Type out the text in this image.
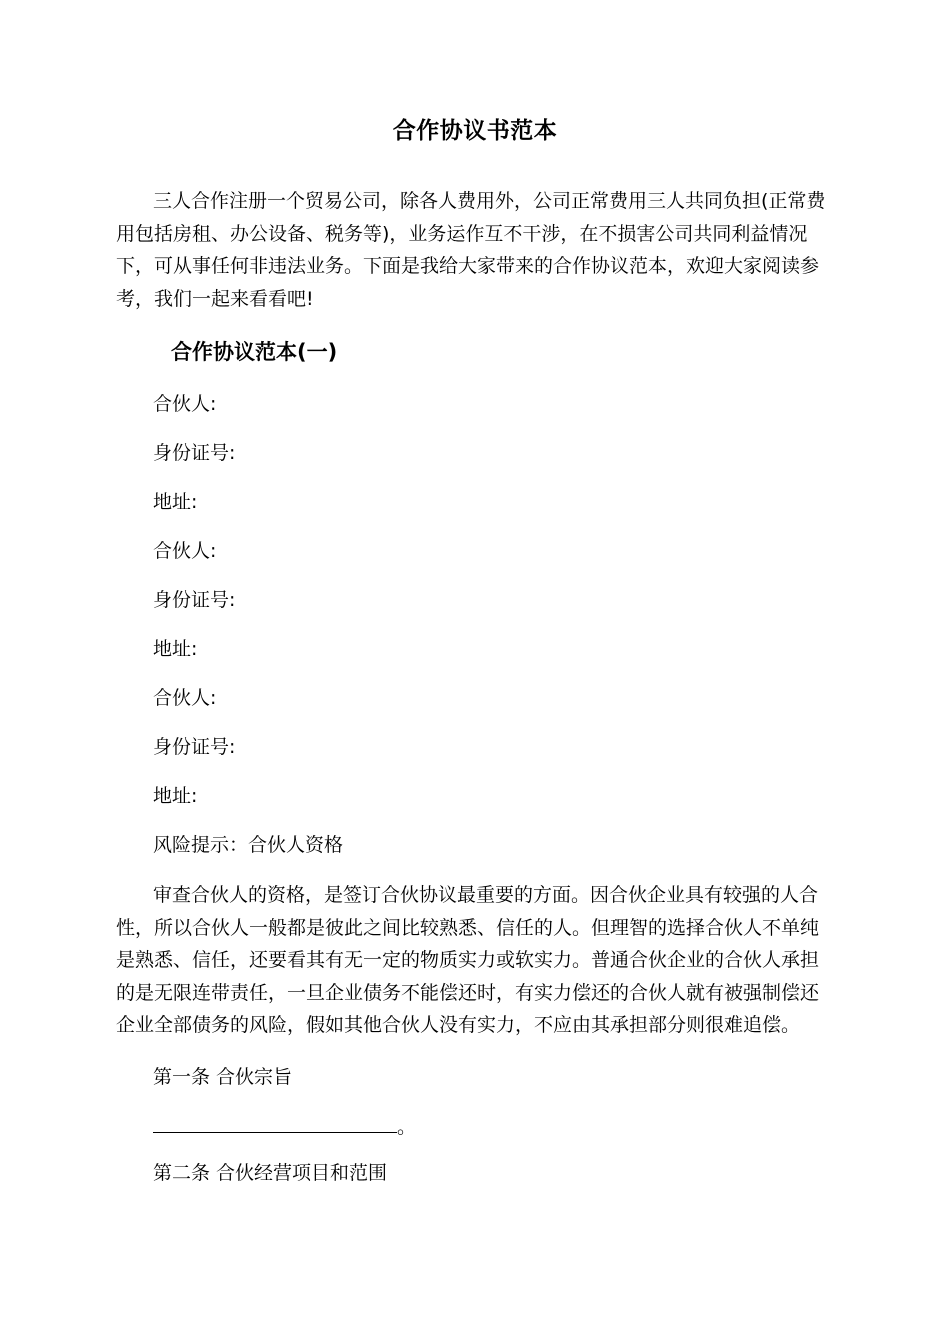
合作协议书范本

三人合作注册一个贸易公司，除各人费用外，公司正常费用三人共同负担(正常费用包括房租、办公设备、税务等)，业务运作互不干涉，在不损害公司共同利益情况下，可从事任何非违法业务。下面是我给大家带来的合作协议范本，欢迎大家阅读参考，我们一起来看看吧!

合作协议范本(一)
合伙人:
身份证号:
地址:
合伙人:
身份证号:
地址:
合伙人:
身份证号:
地址:
风险提示：合伙人资格

审查合伙人的资格，是签订合伙协议最重要的方面。因合伙企业具有较强的人合性，所以合伙人一般都是彼此之间比较熟悉、信任的人。但理智的选择合伙人不单纯是熟悉、信任，还要看其有无一定的物质实力或软实力。普通合伙企业的合伙人承担的是无限连带责任，一旦企业债务不能偿还时，有实力偿还的合伙人就有被强制偿还企业全部债务的风险，假如其他合伙人没有实力，不应由其承担部分则很难追偿。

第一条 合伙宗旨
。
第二条 合伙经营项目和范围
